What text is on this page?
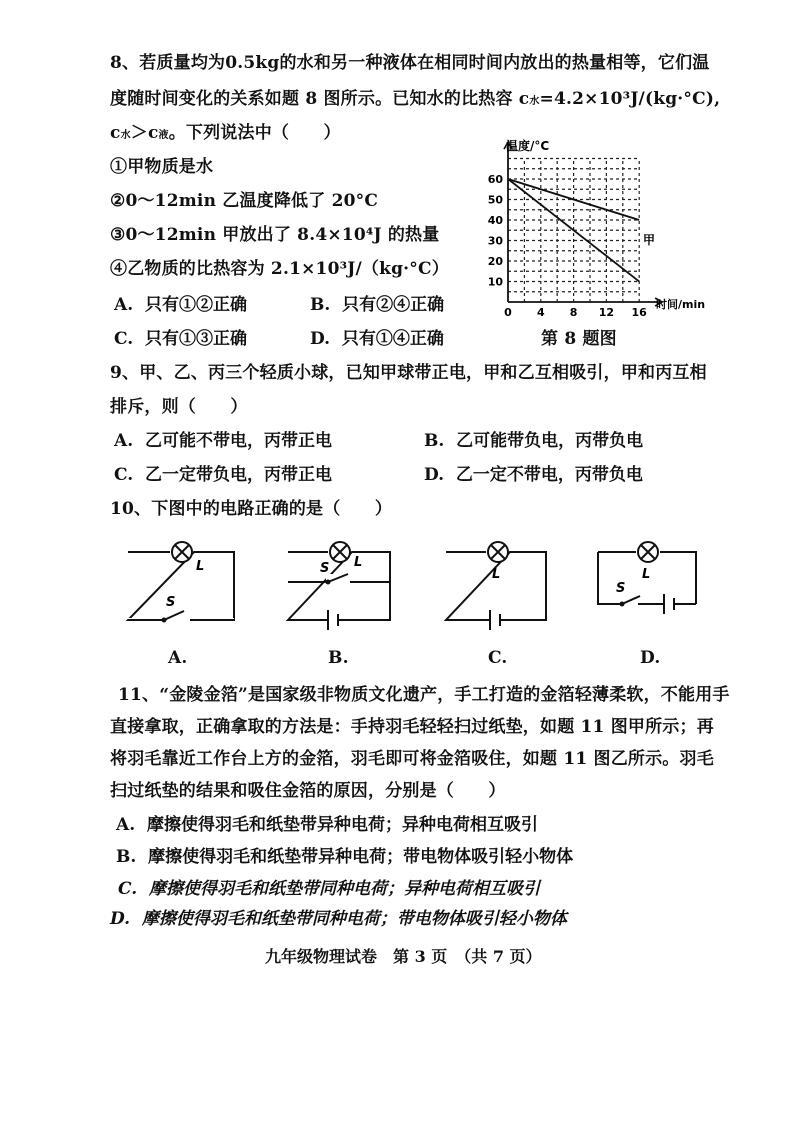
8、若质量均为0.5kg的水和另一种液体在相同时间内放出的热量相等，它们温
度随时间变化的关系如题 8 图所示。已知水的比热容 c水=4.2×10³J/(kg·°C),
c水＞c液。下列说法中（　　）
①甲物质是水
②0～12min 乙温度降低了 20°C
③0～12min 甲放出了 8.4×10⁴J 的热量
④乙物质的比热容为 2.1×10³J/（kg·°C）
A. 只有①②正确	B. 只有②④正确
C. 只有①③正确	D. 只有①④正确
0 4 8 12 16
10
20
30
40
50
60
温度/°C
时间/min
甲
第 8 题图
9、甲、乙、丙三个轻质小球，已知甲球带正电，甲和乙互相吸引，甲和丙互相
排斥，则（　　）
A. 乙可能不带电，丙带正电	B. 乙可能带负电，丙带负电
C. 乙一定带负电，丙带正电	D. 乙一定不带电，丙带负电
10、下图中的电路正确的是（　　）
L
S
L
S	L	L
S
A.	B.	C.	D.
11、“金陵金箔”是国家级非物质文化遗产，手工打造的金箔轻薄柔软，不能用手
直接拿取，正确拿取的方法是：手持羽毛轻轻扫过纸垫，如题 11 图甲所示；再
将羽毛靠近工作台上方的金箔，羽毛即可将金箔吸住，如题 11 图乙所示。羽毛
扫过纸垫的结果和吸住金箔的原因，分别是（　　）
A. 摩擦使得羽毛和纸垫带异种电荷；异种电荷相互吸引
B. 摩擦使得羽毛和纸垫带异种电荷；带电物体吸引轻小物体
C. 摩擦使得羽毛和纸垫带同种电荷；异种电荷相互吸引
D. 摩擦使得羽毛和纸垫带同种电荷；带电物体吸引轻小物体
九年级物理试卷　第 3 页　（共 7 页）
